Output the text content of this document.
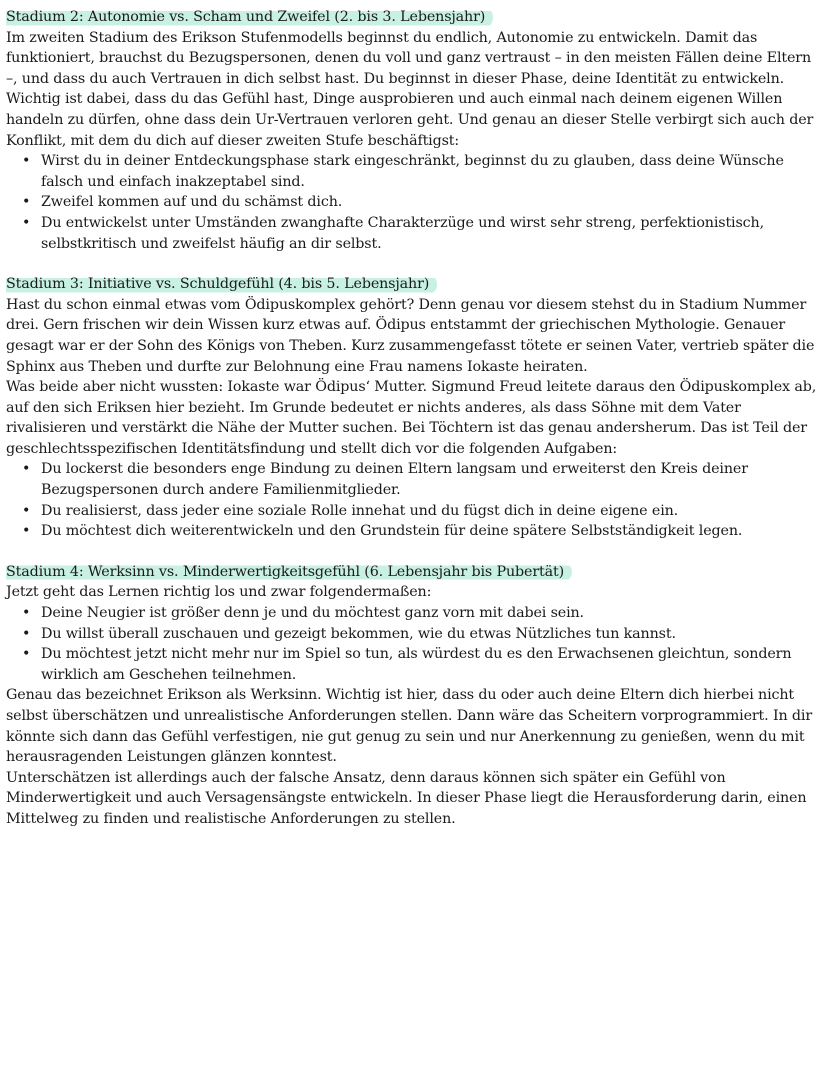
Stadium 2: Autonomie vs. Scham und Zweifel (2. bis 3. Lebensjahr)

Im zweiten Stadium des Erikson Stufenmodells beginnst du endlich, Autonomie zu entwickeln. Damit das funktioniert, brauchst du Bezugspersonen, denen du voll und ganz vertraust – in den meisten Fällen deine Eltern –, und dass du auch Vertrauen in dich selbst hast. Du beginnst in dieser Phase, deine Identität zu entwickeln.

Wichtig ist dabei, dass du das Gefühl hast, Dinge ausprobieren und auch einmal nach deinem eigenen Willen handeln zu dürfen, ohne dass dein Ur-Vertrauen verloren geht. Und genau an dieser Stelle verbirgt sich auch der Konflikt, mit dem du dich auf dieser zweiten Stufe beschäftigst:

• Wirst du in deiner Entdeckungsphase stark eingeschränkt, beginnst du zu glauben, dass deine Wünsche falsch und einfach inakzeptabel sind.
• Zweifel kommen auf und du schämst dich.
• Du entwickelst unter Umständen zwanghafte Charakterzüge und wirst sehr streng, perfektionistisch, selbstkritisch und zweifelst häufig an dir selbst.
Stadium 3: Initiative vs. Schuldgefühl (4. bis 5. Lebensjahr)

Hast du schon einmal etwas vom Ödipuskomplex gehört? Denn genau vor diesem stehst du in Stadium Nummer drei. Gern frischen wir dein Wissen kurz etwas auf. Ödipus entstammt der griechischen Mythologie. Genauer gesagt war er der Sohn des Königs von Theben. Kurz zusammengefasst tötete er seinen Vater, vertrieb später die Sphinx aus Theben und durfte zur Belohnung eine Frau namens Iokaste heiraten.

Was beide aber nicht wussten: Iokaste war Ödipus‘ Mutter. Sigmund Freud leitete daraus den Ödipuskomplex ab, auf den sich Eriksen hier bezieht. Im Grunde bedeutet er nichts anderes, als dass Söhne mit dem Vater rivalisieren und verstärkt die Nähe der Mutter suchen. Bei Töchtern ist das genau andersherum. Das ist Teil der geschlechtsspezifischen Identitätsfindung und stellt dich vor die folgenden Aufgaben:

• Du lockerst die besonders enge Bindung zu deinen Eltern langsam und erweiterst den Kreis deiner Bezugspersonen durch andere Familienmitglieder.
• Du realisierst, dass jeder eine soziale Rolle innehat und du fügst dich in deine eigene ein.
• Du möchtest dich weiterentwickeln und den Grundstein für deine spätere Selbstständigkeit legen.
Stadium 4: Werksinn vs. Minderwertigkeitsgefühl (6. Lebensjahr bis Pubertät)

Jetzt geht das Lernen richtig los und zwar folgendermaßen:

• Deine Neugier ist größer denn je und du möchtest ganz vorn mit dabei sein.
• Du willst überall zuschauen und gezeigt bekommen, wie du etwas Nützliches tun kannst.
• Du möchtest jetzt nicht mehr nur im Spiel so tun, als würdest du es den Erwachsenen gleichtun, sondern wirklich am Geschehen teilnehmen.

Genau das bezeichnet Erikson als Werksinn. Wichtig ist hier, dass du oder auch deine Eltern dich hierbei nicht selbst überschätzen und unrealistische Anforderungen stellen. Dann wäre das Scheitern vorprogrammiert. In dir könnte sich dann das Gefühl verfestigen, nie gut genug zu sein und nur Anerkennung zu genießen, wenn du mit herausragenden Leistungen glänzen konntest.

Unterschätzen ist allerdings auch der falsche Ansatz, denn daraus können sich später ein Gefühl von Minderwertigkeit und auch Versagensängste entwickeln. In dieser Phase liegt die Herausforderung darin, einen Mittelweg zu finden und realistische Anforderungen zu stellen.
